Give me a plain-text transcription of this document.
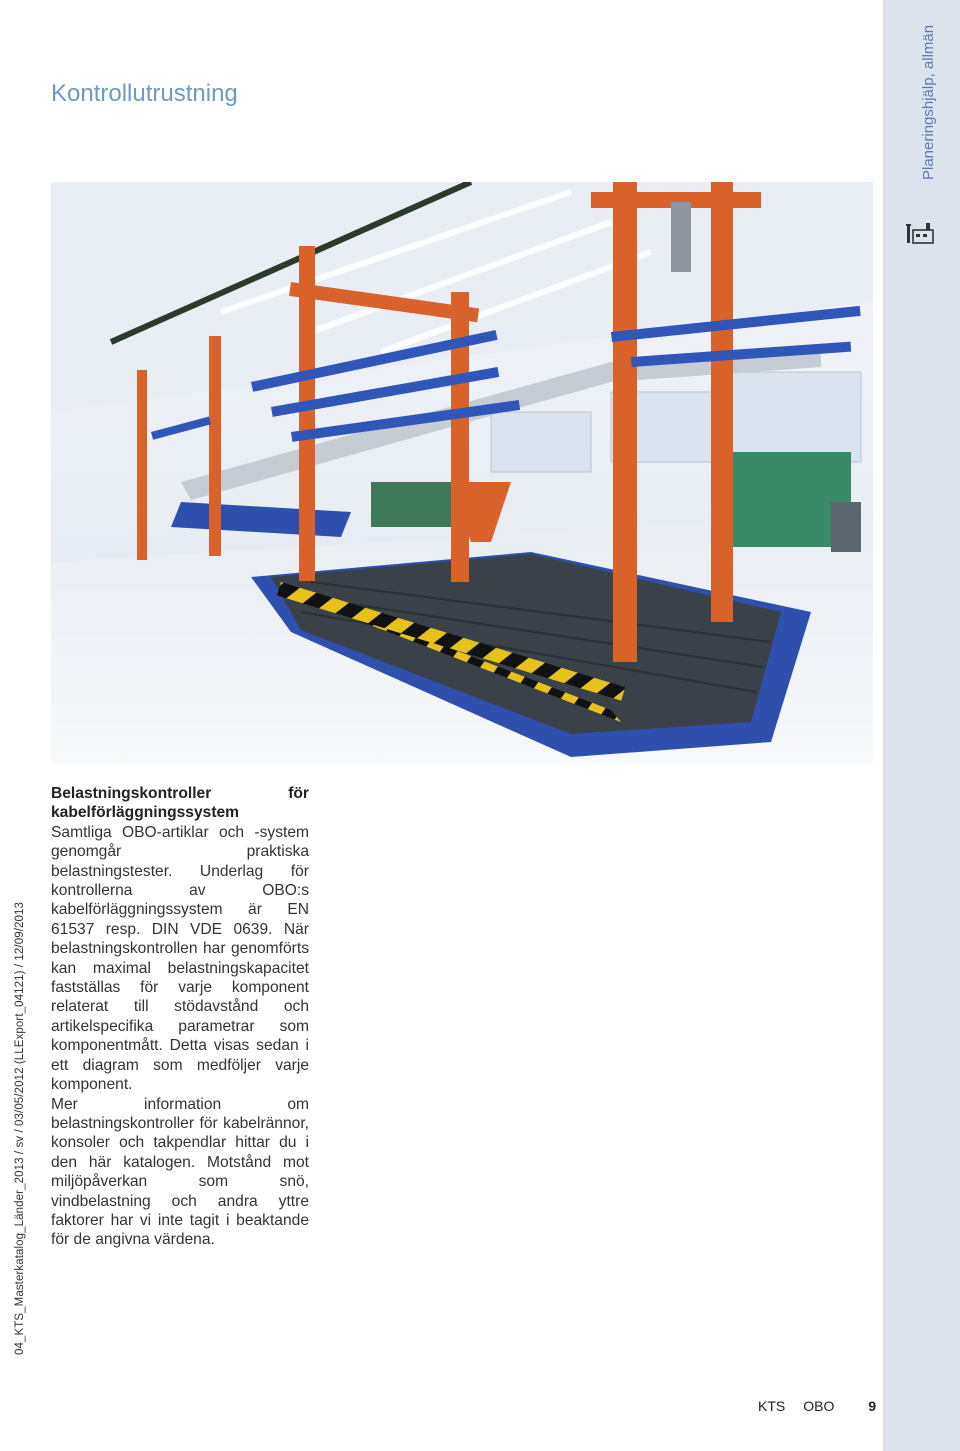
Planeringshjälp, allmän
04_KTS_Masterkatalog_Länder_2013 / sv / 03/05/2012 (LLExport_04121) / 12/09/2013
Kontrollutrustning

Belastningskontroller för kabelförläggningssystem

Samtliga OBO-artiklar och -system genomgår praktiska belastningstester. Underlag för kontrollerna av OBO:s kabelförläggningssystem är EN 61537 resp. DIN VDE 0639. När belastningskontrollen har genomförts kan maximal belastningskapacitet fastställas för varje komponent relaterat till stödavstånd och artikelspecifika parametrar som komponentmått. Detta visas sedan i ett diagram som medföljer varje komponent.

Mer information om belastningskontroller för kabelrännor, konsoler och takpendlar hittar du i den här katalogen. Motstånd mot miljöpåverkan som snö, vindbelastning och andra yttre faktorer har vi inte tagit i beaktande för de angivna värdena.

KTS OBO 9
